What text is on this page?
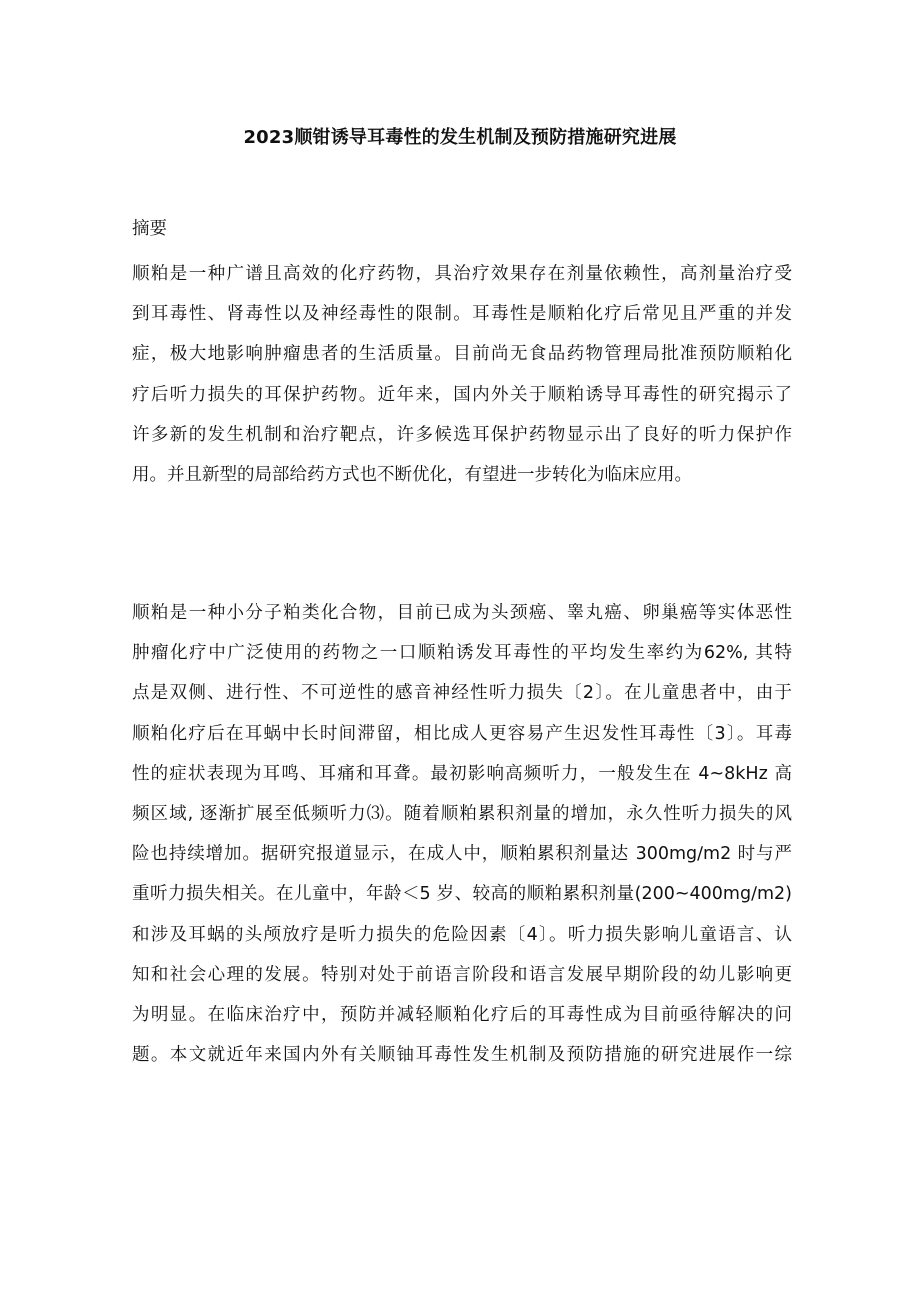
2023顺钳诱导耳毒性的发生机制及预防措施研究进展
摘要
顺粕是一种广谱且高效的化疗药物，具治疗效果存在剂量依赖性，高剂量治疗受
到耳毒性、肾毒性以及神经毒性的限制。耳毒性是顺粕化疗后常见且严重的并发
症，极大地影响肿瘤患者的生活质量。目前尚无食品药物管理局批准预防顺粕化
疗后听力损失的耳保护药物。近年来，国内外关于顺粕诱导耳毒性的研究揭示了
许多新的发生机制和治疗靶点，许多候选耳保护药物显示出了良好的听力保护作
用。并且新型的局部给药方式也不断优化，有望进一步转化为临床应用。
顺粕是一种小分子粕类化合物，目前已成为头颈癌、睾丸癌、卵巢癌等实体恶性
肿瘤化疗中广泛使用的药物之一口顺粕诱发耳毒性的平均发生率约为62%, 其特
点是双侧、进行性、不可逆性的感音神经性听力损失〔2〕。在儿童患者中，由于
顺粕化疗后在耳蜗中长时间滞留，相比成人更容易产生迟发性耳毒性〔3〕。耳毒
性的症状表现为耳鸣、耳痛和耳聋。最初影响高频听力，一般发生在 4~8kHz 高
频区域, 逐渐扩展至低频听力⑶。随着顺粕累积剂量的增加，永久性听力损失的风
险也持续增加。据研究报道显示，在成人中，顺粕累积剂量达 300mg∕m2 时与严
重听力损失相关。在儿童中，年龄＜5 岁、较高的顺粕累积剂量(200~400mg∕m2)
和涉及耳蜗的头颅放疗是听力损失的危险因素〔4〕。听力损失影响儿童语言、认
知和社会心理的发展。特别对处于前语言阶段和语言发展早期阶段的幼儿影响更
为明显。在临床治疗中，预防并减轻顺粕化疗后的耳毒性成为目前亟待解决的问
题。本文就近年来国内外有关顺铀耳毒性发生机制及预防措施的研究进展作一综
